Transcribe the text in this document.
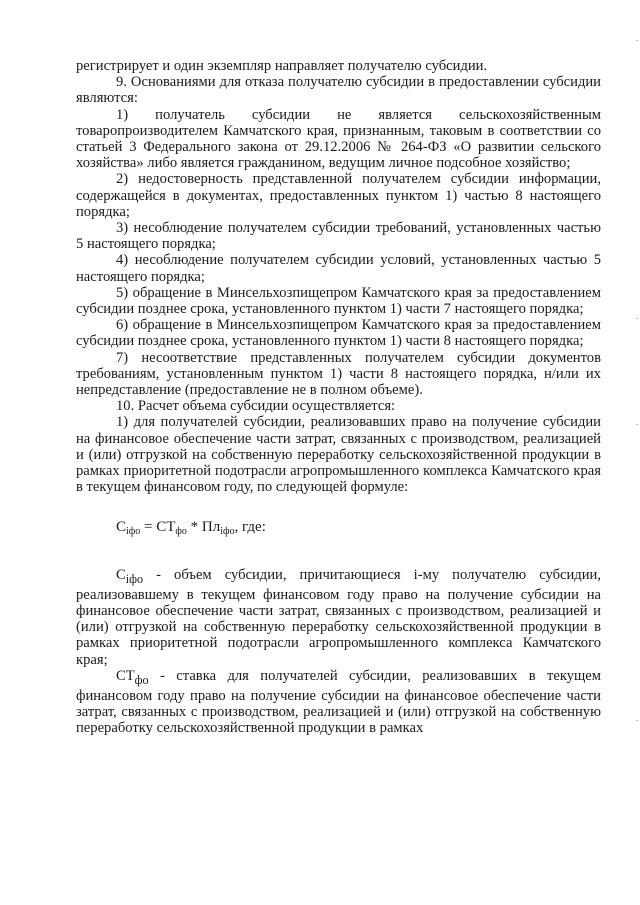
регистрирует и один экземпляр направляет получателю субсидии.

9. Основаниями для отказа получателю субсидии в предоставлении субсидии являются:

1) получатель субсидии не является сельскохозяйственным товаропроизводителем Камчатского края, признанным, таковым в соответствии со статьей 3 Федерального закона от 29.12.2006 № 264-ФЗ «О развитии сельского хозяйства» либо является гражданином, ведущим личное подсобное хозяйство;

2) недостоверность представленной получателем субсидии информации, содержащейся в документах, предоставленных пунктом 1) частью 8 настоящего порядка;

3) несоблюдение получателем субсидии требований, установленных частью 5 настоящего порядка;

4) несоблюдение получателем субсидии условий, установленных частью 5 настоящего порядка;

5) обращение в Минсельхозпищепром Камчатского края за предоставлением субсидии позднее срока, установленного пунктом 1) части 7 настоящего порядка;

6) обращение в Минсельхозпищепром Камчатского края за предоставлением субсидии позднее срока, установленного пунктом 1) части 8 настоящего порядка;

7) несоответствие представленных получателем субсидии документов требованиям, установленным пунктом 1) части 8 настоящего порядка, н/или их непредставление (предоставление не в полном объеме).

10. Расчет объема субсидии осуществляется:

1) для получателей субсидии, реализовавших право на получение субсидии на финансовое обеспечение части затрат, связанных с производством, реализацией и (или) отгрузкой на собственную переработку сельскохозяйственной продукции в рамках приоритетной подотрасли агропромышленного комплекса Камчатского края в текущем финансовом году, по следующей формуле:

$С_{iфо} = СТ_{фо} * Пл_{iфо}$, где:

$С_{iфо}$ - объем субсидии, причитающиеся i-му получателю субсидии, реализовавшему в текущем финансовом году право на получение субсидии на финансовое обеспечение части затрат, связанных с производством, реализацией и (или) отгрузкой на собственную переработку сельскохозяйственной продукции в рамках приоритетной подотрасли агропромышленного комплекса Камчатского края;

$СТ_{фо}$ - ставка для получателей субсидии, реализовавших в текущем финансовом году право на получение субсидии на финансовое обеспечение части затрат, связанных с производством, реализацией и (или) отгрузкой на собственную переработку сельскохозяйственной продукции в рамках
